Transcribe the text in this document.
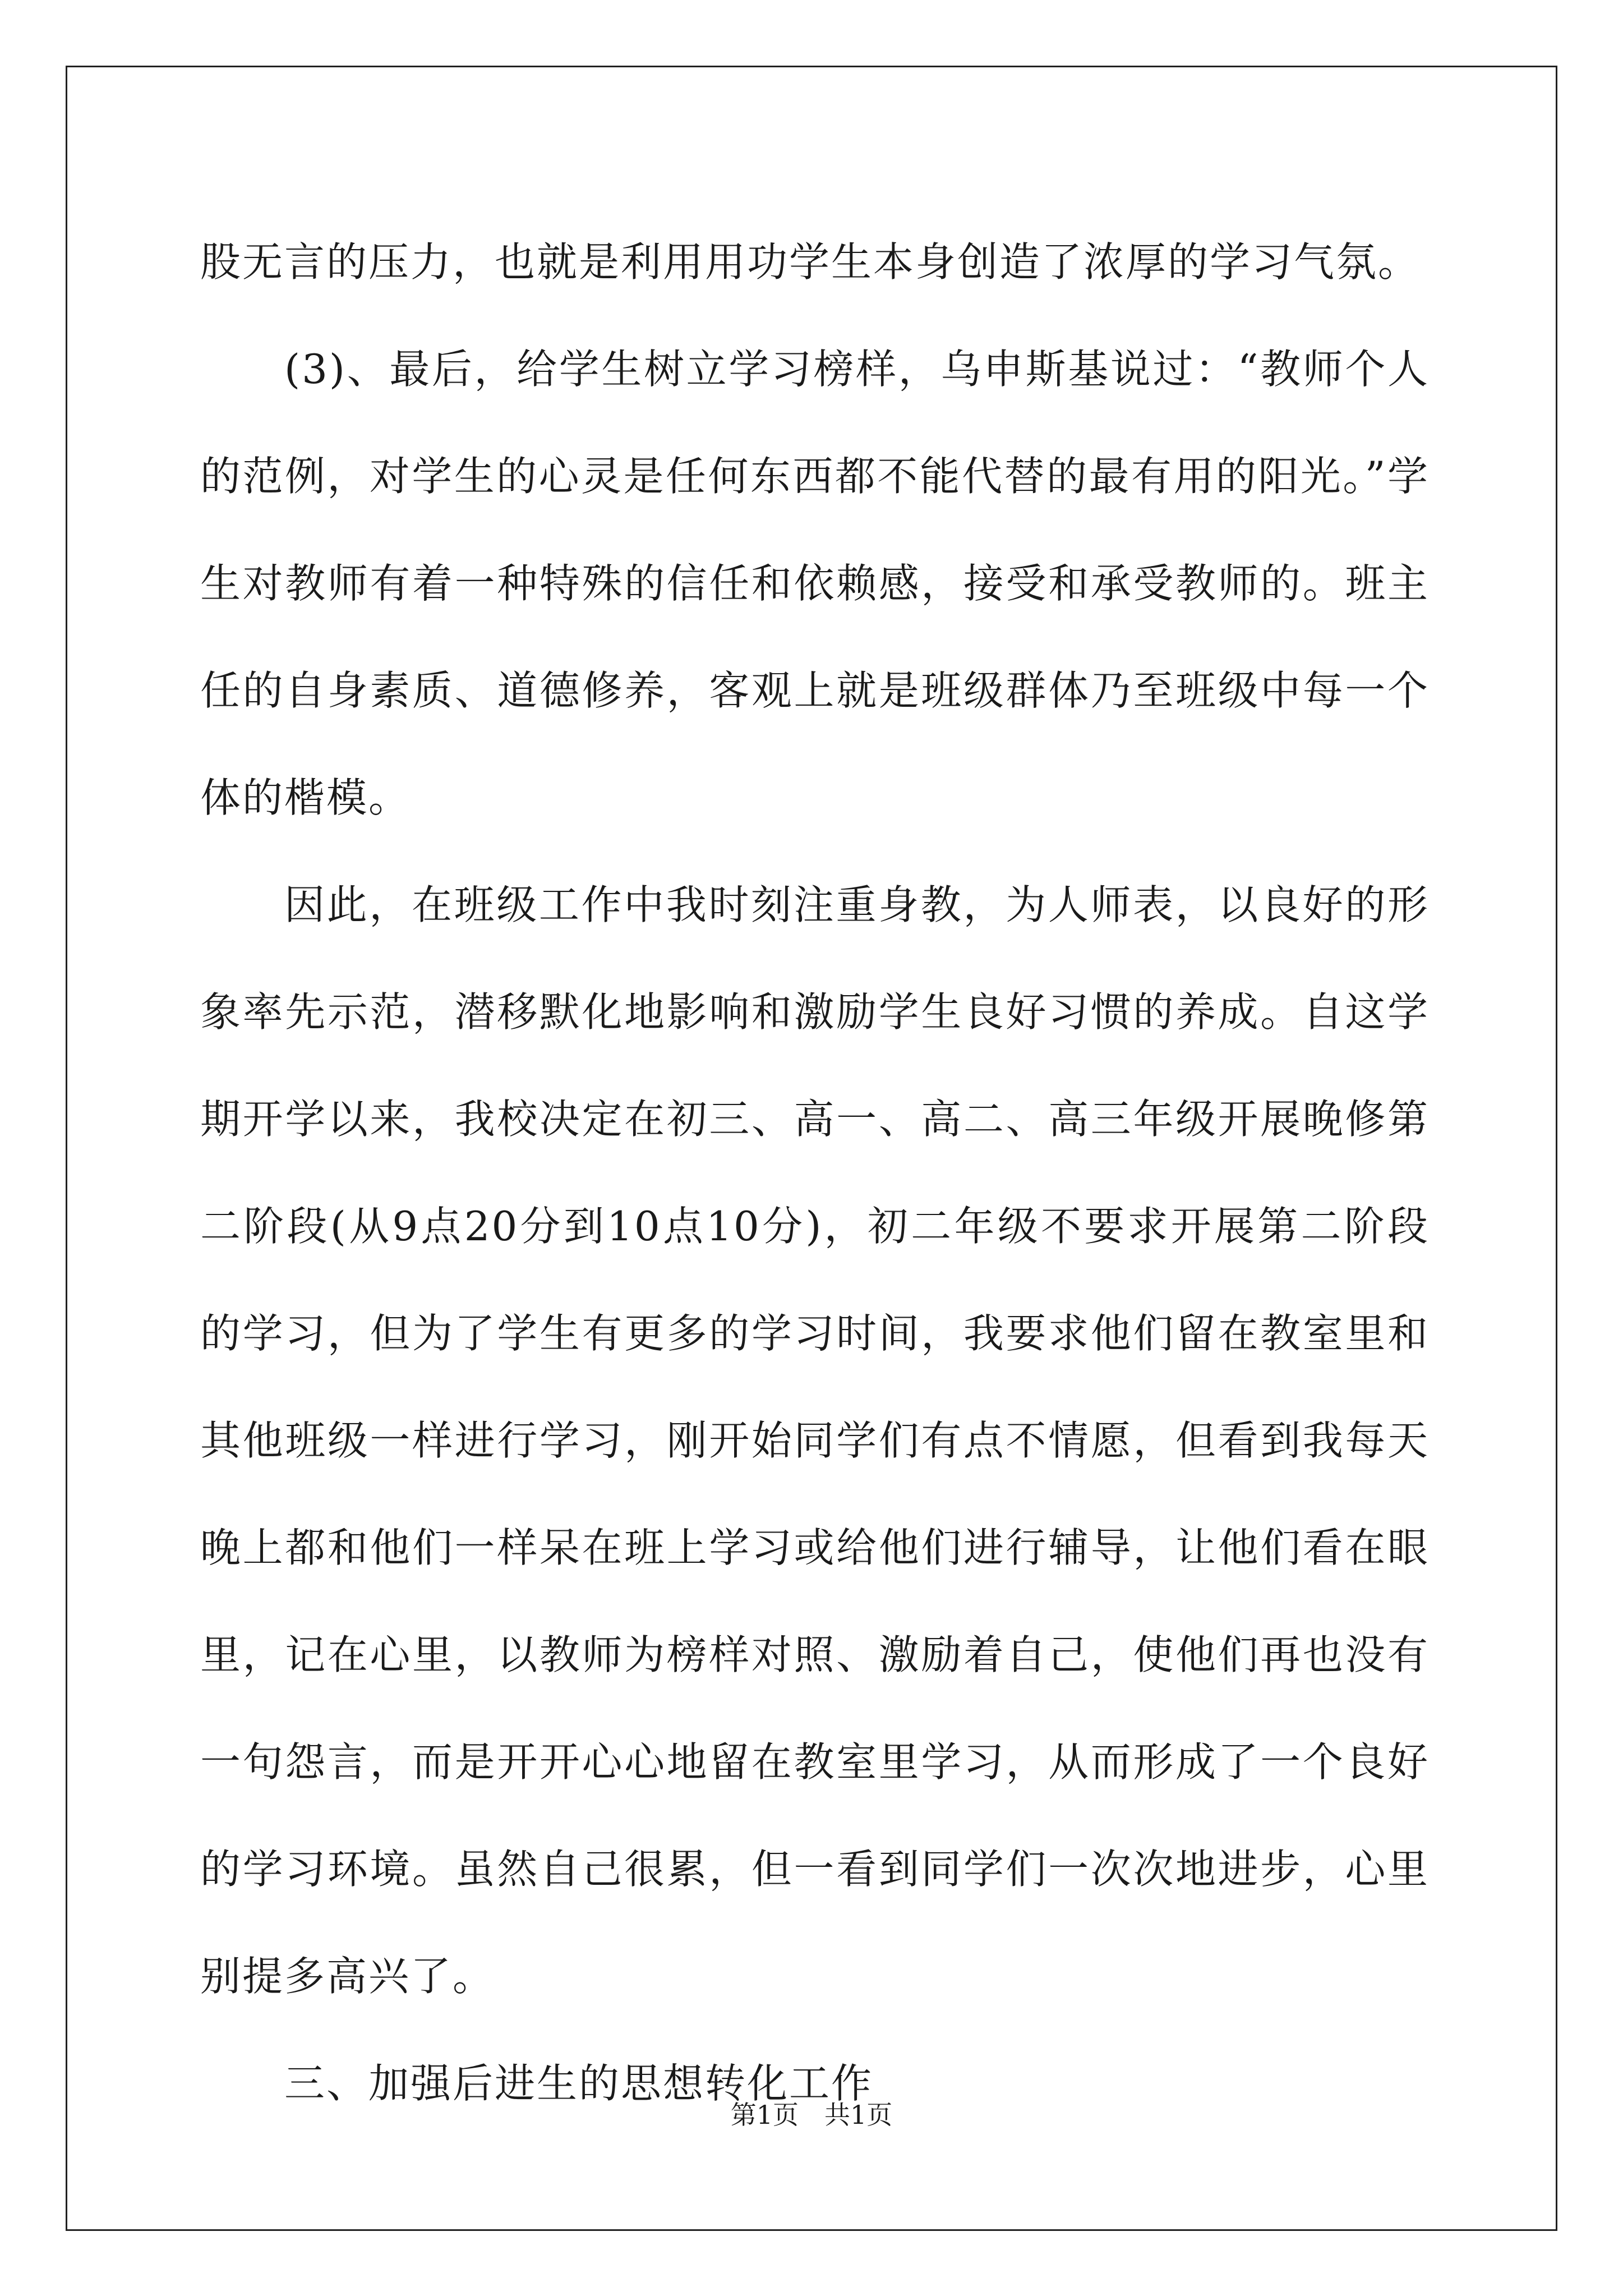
股无言的压力，也就是利用用功学生本身创造了浓厚的学习气氛。

(3)、最后，给学生树立学习榜样，乌申斯基说过：“教师个人的范例，对学生的心灵是任何东西都不能代替的最有用的阳光。”学生对教师有着一种特殊的信任和依赖感，接受和承受教师的。班主任的自身素质、道德修养，客观上就是班级群体乃至班级中每一个体的楷模。

因此，在班级工作中我时刻注重身教，为人师表，以良好的形象率先示范，潜移默化地影响和激励学生良好习惯的养成。自这学期开学以来，我校决定在初三、高一、高二、高三年级开展晚修第二阶段(从9点20分到10点10分)，初二年级不要求开展第二阶段的学习，但为了学生有更多的学习时间，我要求他们留在教室里和其他班级一样进行学习，刚开始同学们有点不情愿，但看到我每天晚上都和他们一样呆在班上学习或给他们进行辅导，让他们看在眼里，记在心里，以教师为榜样对照、激励着自己，使他们再也没有一句怨言，而是开开心心地留在教室里学习，从而形成了一个良好的学习环境。虽然自己很累，但一看到同学们一次次地进步，心里别提多高兴了。

三、加强后进生的思想转化工作

第1页 共1页
